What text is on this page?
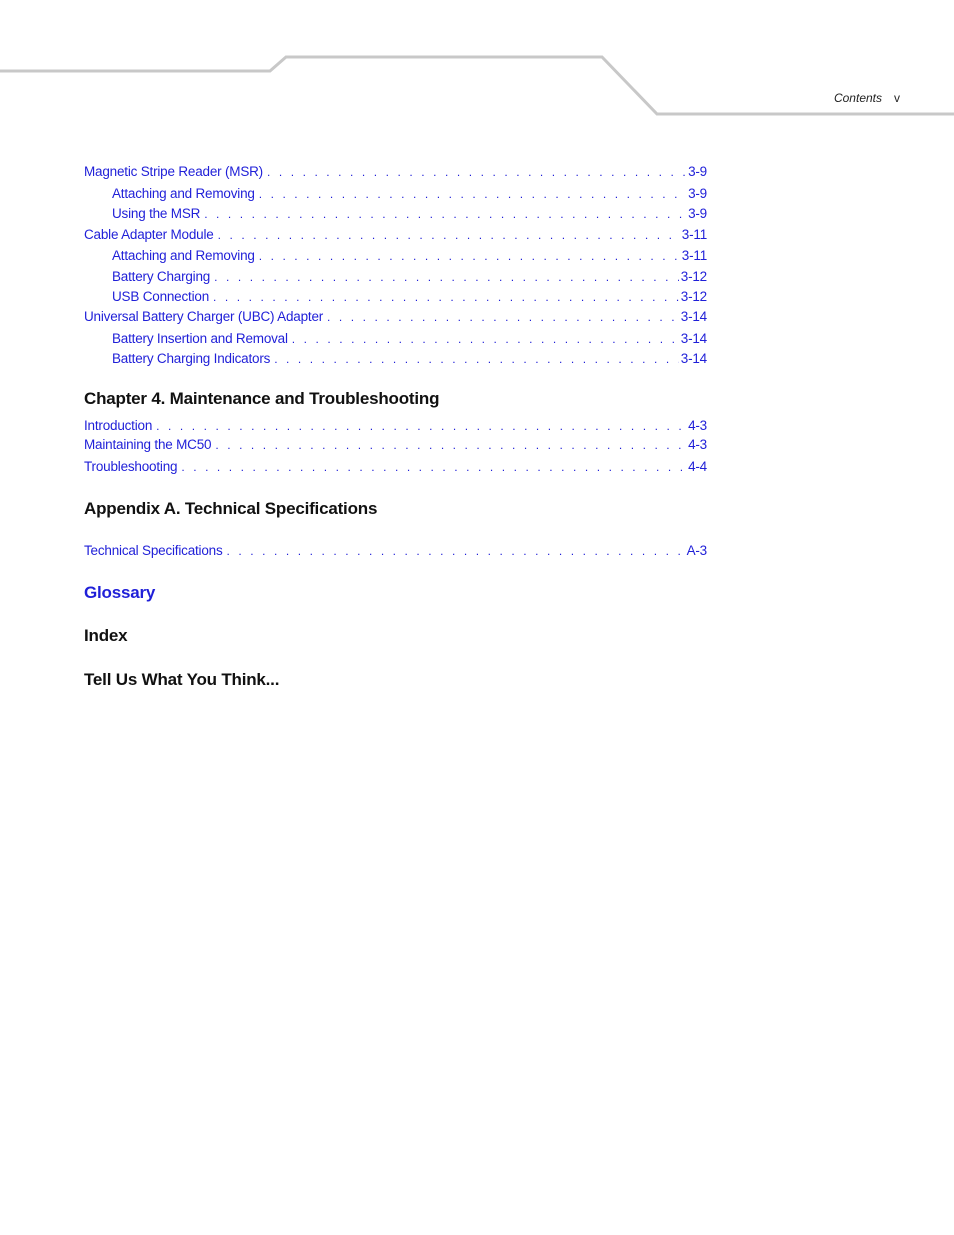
Contents v
Magnetic Stripe Reader (MSR) . . .	3-9
Attaching and Removing . . .	3-9
Using the MSR . . .	3-9
Cable Adapter Module . . .	3-11
Attaching and Removing . . .	3-11
Battery Charging . . .	3-12
USB Connection . . .	3-12
Universal Battery Charger (UBC) Adapter . . .	3-14
Battery Insertion and Removal . . .	3-14
Battery Charging Indicators . . .	3-14
Introduction . . .	4-3
Maintaining the MC50 . . .	4-3
Troubleshooting . . .	4-4
Technical Specifications . . .	A-3
Chapter 4. Maintenance and Troubleshooting
Appendix A. Technical Specifications
Glossary
Index
Tell Us What You Think...
